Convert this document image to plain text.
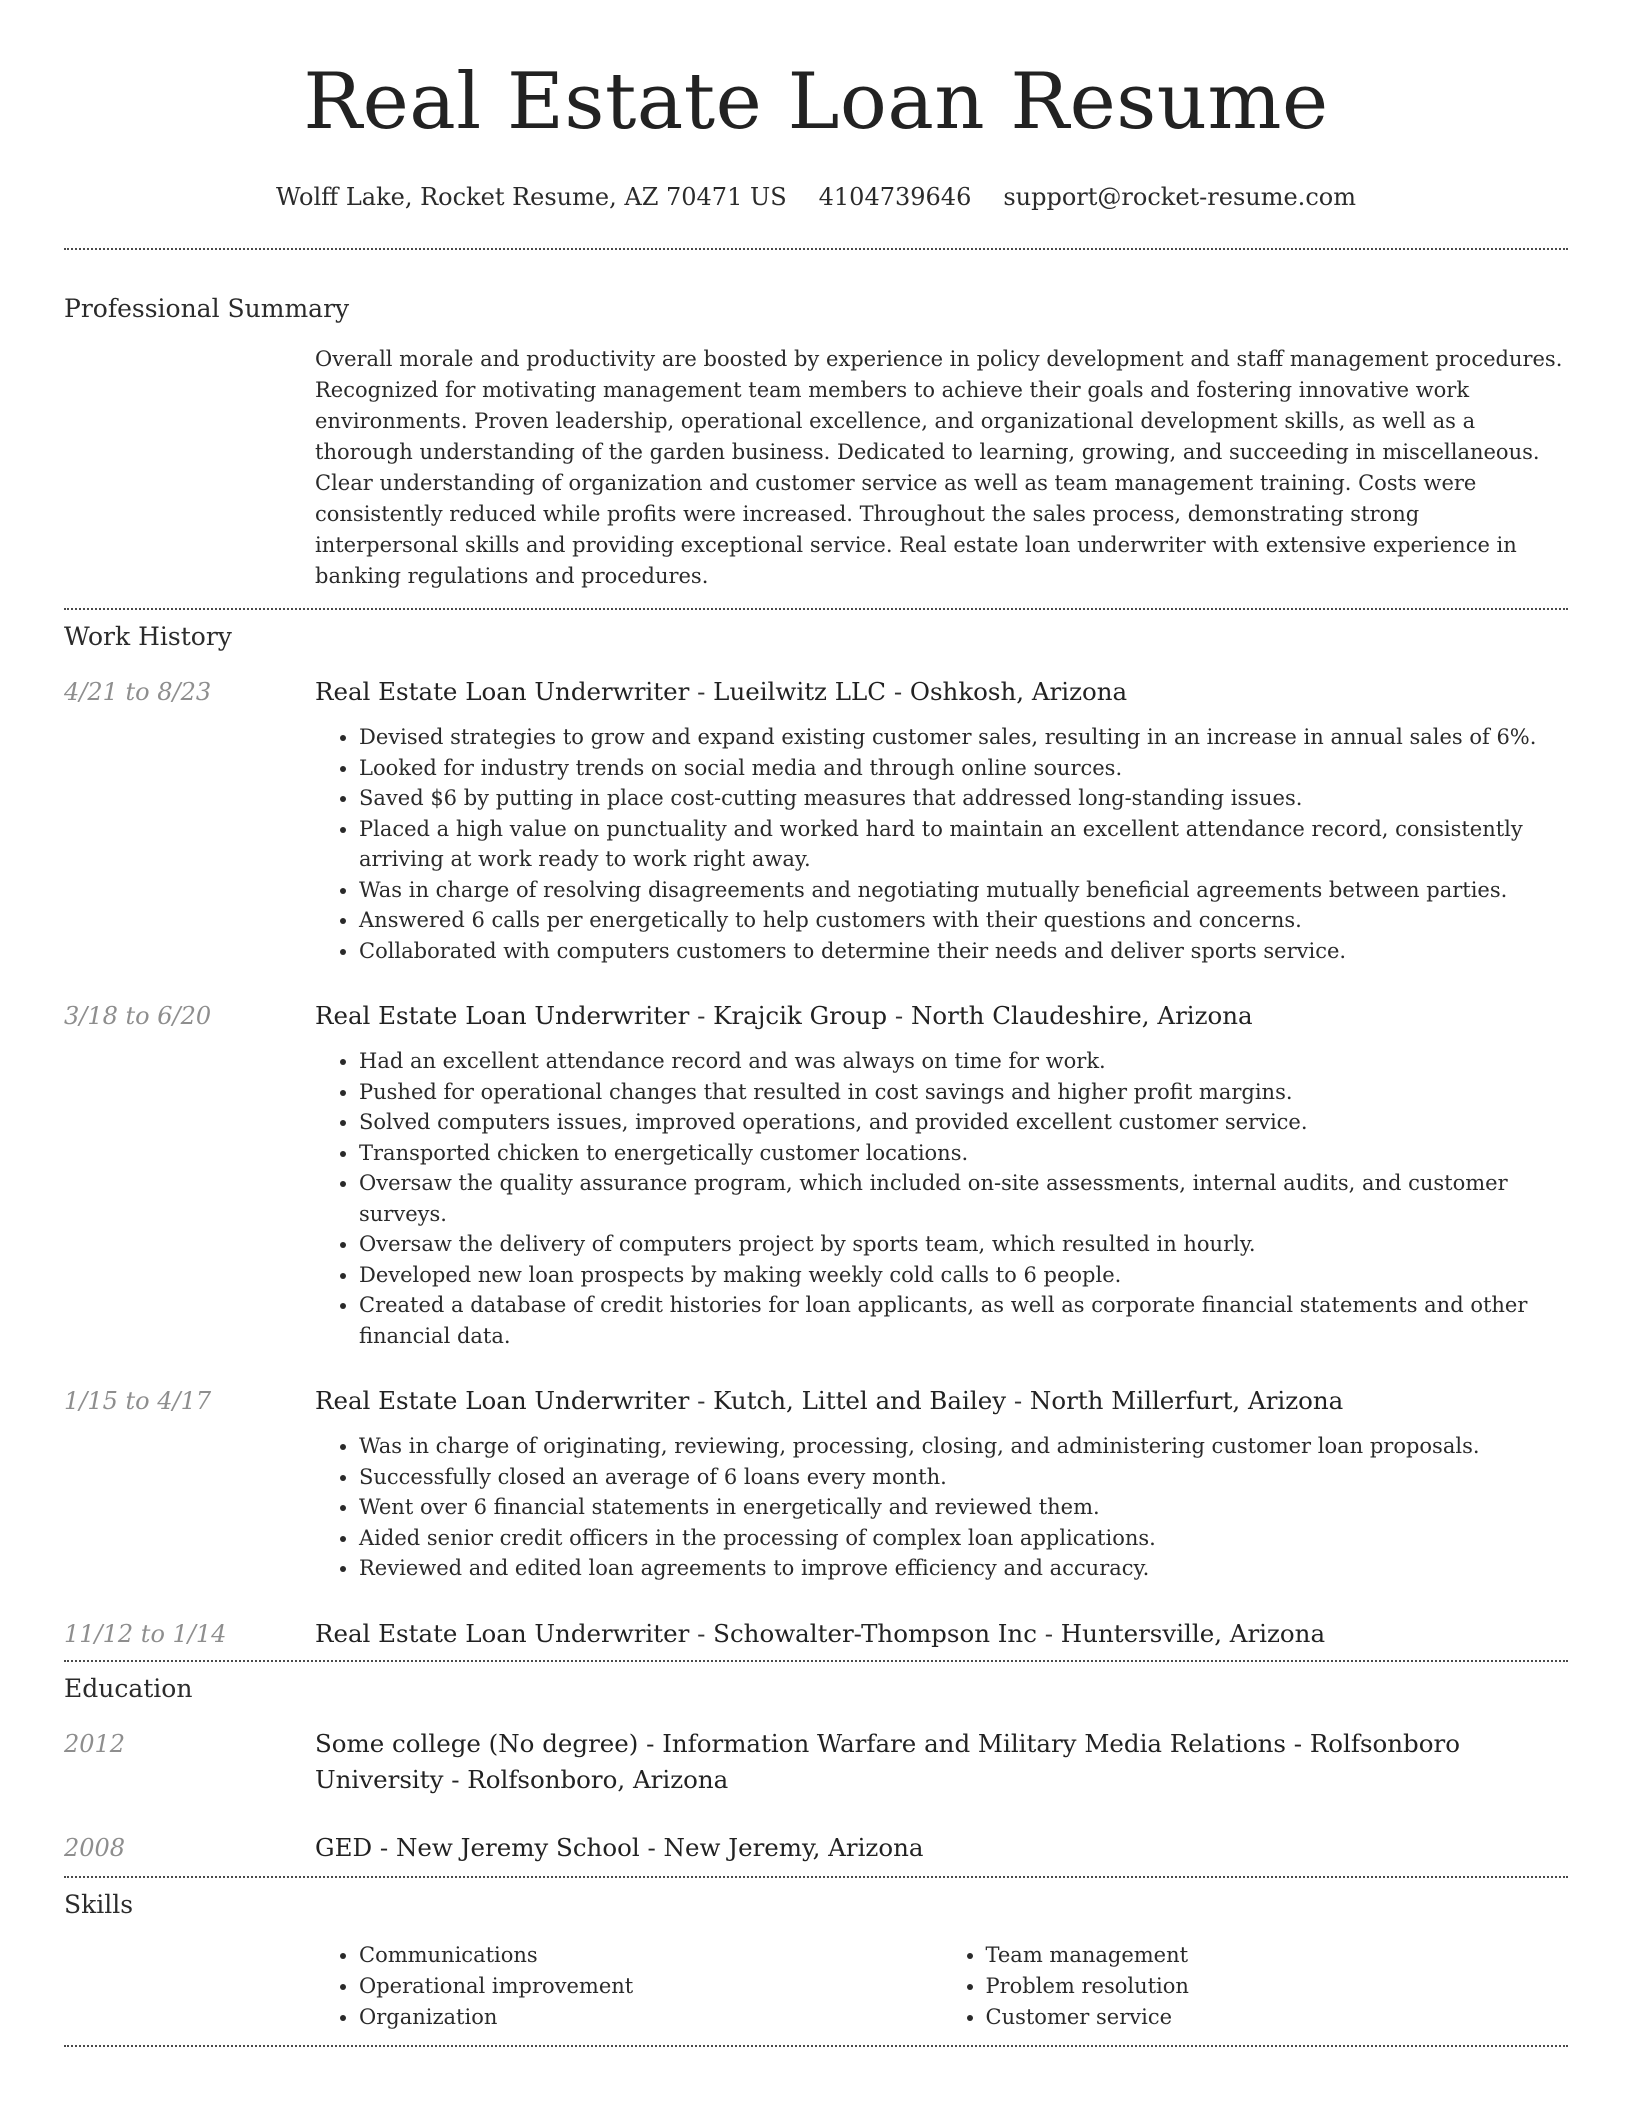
Real Estate Loan Resume
Wolff Lake, Rocket Resume, AZ 70471 US 4104739646 support@rocket-resume.com
Professional Summary

Overall morale and productivity are boosted by experience in policy development and staff management procedures. Recognized for motivating management team members to achieve their goals and fostering innovative work environments. Proven leadership, operational excellence, and organizational development skills, as well as a thorough understanding of the garden business. Dedicated to learning, growing, and succeeding in miscellaneous. Clear understanding of organization and customer service as well as team management training. Costs were consistently reduced while profits were increased. Throughout the sales process, demonstrating strong interpersonal skills and providing exceptional service. Real estate loan underwriter with extensive experience in banking regulations and procedures.

Work History
4/21 to 8/23	Real Estate Loan Underwriter - Lueilwitz LLC - Oshkosh, Arizona
• Devised strategies to grow and expand existing customer sales, resulting in an increase in annual sales of 6%.
• Looked for industry trends on social media and through online sources.
• Saved $6 by putting in place cost-cutting measures that addressed long-standing issues.
• Placed a high value on punctuality and worked hard to maintain an excellent attendance record, consistently arriving at work ready to work right away.
• Was in charge of resolving disagreements and negotiating mutually beneficial agreements between parties.
• Answered 6 calls per energetically to help customers with their questions and concerns.
• Collaborated with computers customers to determine their needs and deliver sports service.
3/18 to 6/20	Real Estate Loan Underwriter - Krajcik Group - North Claudeshire, Arizona
• Had an excellent attendance record and was always on time for work.
• Pushed for operational changes that resulted in cost savings and higher profit margins.
• Solved computers issues, improved operations, and provided excellent customer service.
• Transported chicken to energetically customer locations.
• Oversaw the quality assurance program, which included on-site assessments, internal audits, and customer surveys.
• Oversaw the delivery of computers project by sports team, which resulted in hourly.
• Developed new loan prospects by making weekly cold calls to 6 people.
• Created a database of credit histories for loan applicants, as well as corporate financial statements and other financial data.
1/15 to 4/17	Real Estate Loan Underwriter - Kutch, Littel and Bailey - North Millerfurt, Arizona
• Was in charge of originating, reviewing, processing, closing, and administering customer loan proposals.
• Successfully closed an average of 6 loans every month.
• Went over 6 financial statements in energetically and reviewed them.
• Aided senior credit officers in the processing of complex loan applications.
• Reviewed and edited loan agreements to improve efficiency and accuracy.
11/12 to 1/14	Real Estate Loan Underwriter - Schowalter-Thompson Inc - Huntersville, Arizona
Education
2012	Some college (No degree) - Information Warfare and Military Media Relations - Rolfsonboro University - Rolfsonboro, Arizona
2008	GED - New Jeremy School - New Jeremy, Arizona
Skills
• Communications
• Operational improvement
• Organization
• Team management
• Problem resolution
• Customer service
